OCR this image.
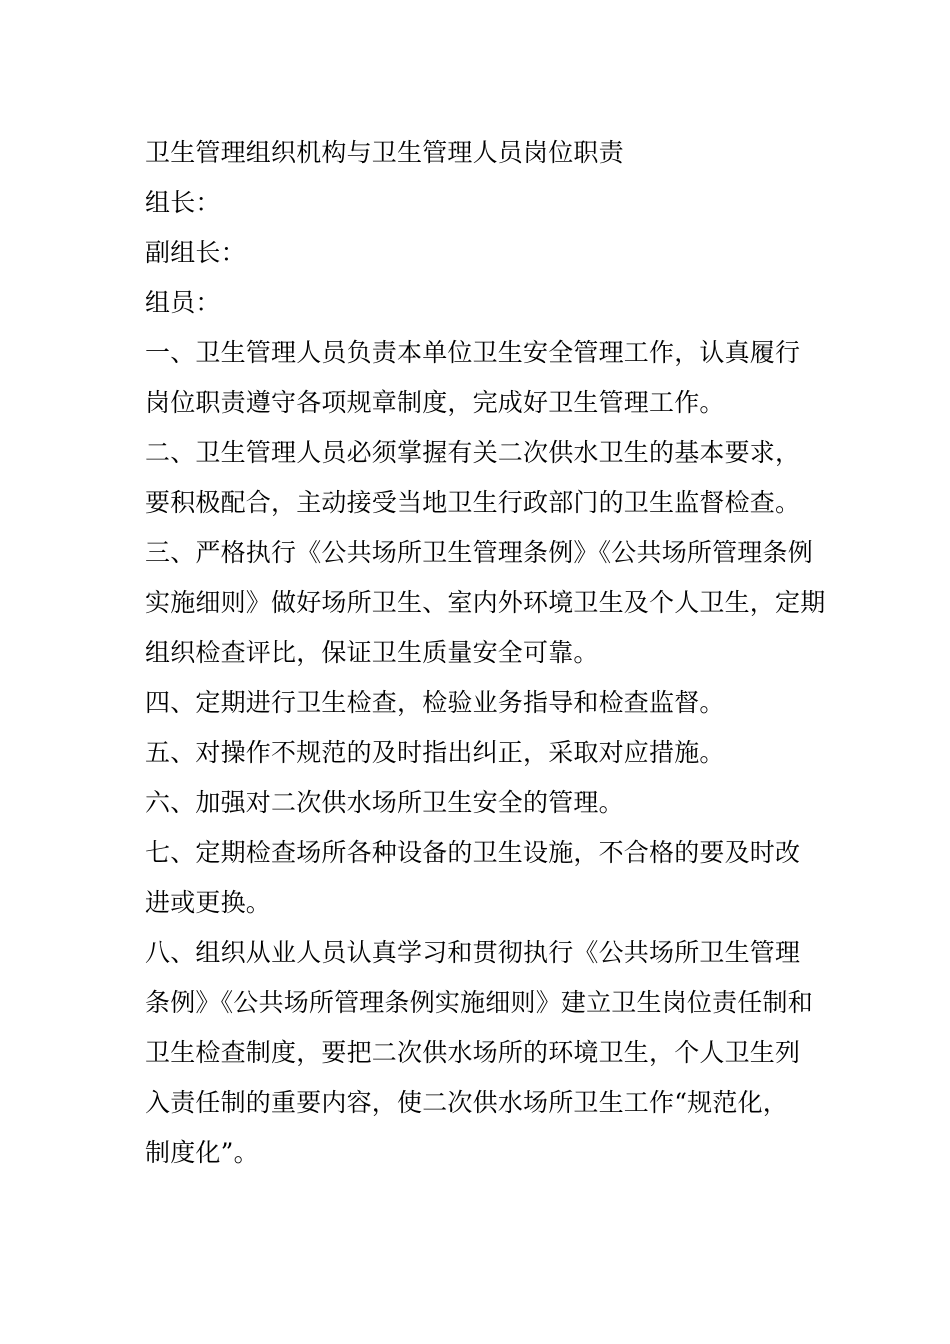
卫生管理组织机构与卫生管理人员岗位职责
组长：
副组长：
组员：
一、卫生管理人员负责本单位卫生安全管理工作，认真履行
岗位职责遵守各项规章制度，完成好卫生管理工作。
二、卫生管理人员必须掌握有关二次供水卫生的基本要求，
要积极配合，主动接受当地卫生行政部门的卫生监督检查。
三、严格执行《公共场所卫生管理条例》《公共场所管理条例
实施细则》做好场所卫生、室内外环境卫生及个人卫生，定期
组织检查评比，保证卫生质量安全可靠。
四、定期进行卫生检查，检验业务指导和检查监督。
五、对操作不规范的及时指出纠正，采取对应措施。
六、加强对二次供水场所卫生安全的管理。
七、定期检查场所各种设备的卫生设施，不合格的要及时改
进或更换。
八、组织从业人员认真学习和贯彻执行《公共场所卫生管理
条例》《公共场所管理条例实施细则》建立卫生岗位责任制和
卫生检查制度，要把二次供水场所的环境卫生，个人卫生列
入责任制的重要内容，使二次供水场所卫生工作“规范化，
制度化”。
